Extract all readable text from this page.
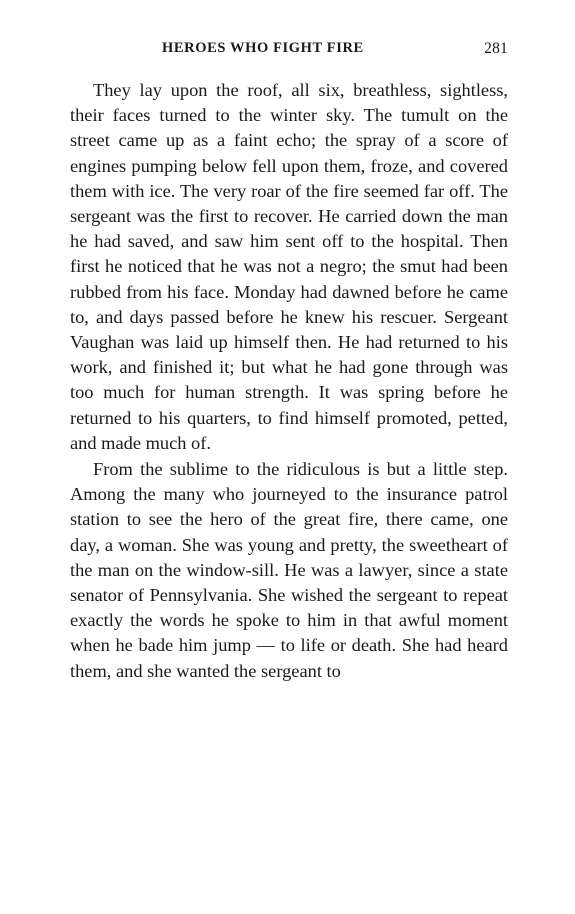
HEROES WHO FIGHT FIRE	281

They lay upon the roof, all six, breathless, sightless, their faces turned to the winter sky. The tumult on the street came up as a faint echo; the spray of a score of engines pumping below fell upon them, froze, and covered them with ice. The very roar of the fire seemed far off. The sergeant was the first to recover. He carried down the man he had saved, and saw him sent off to the hospital. Then first he noticed that he was not a negro; the smut had been rubbed from his face. Monday had dawned before he came to, and days passed before he knew his rescuer. Sergeant Vaughan was laid up himself then. He had returned to his work, and finished it; but what he had gone through was too much for human strength. It was spring before he returned to his quarters, to find himself promoted, petted, and made much of.

From the sublime to the ridiculous is but a little step. Among the many who journeyed to the insurance patrol station to see the hero of the great fire, there came, one day, a woman. She was young and pretty, the sweetheart of the man on the window-sill. He was a lawyer, since a state senator of Pennsylvania. She wished the sergeant to repeat exactly the words he spoke to him in that awful moment when he bade him jump — to life or death. She had heard them, and she wanted the sergeant to
